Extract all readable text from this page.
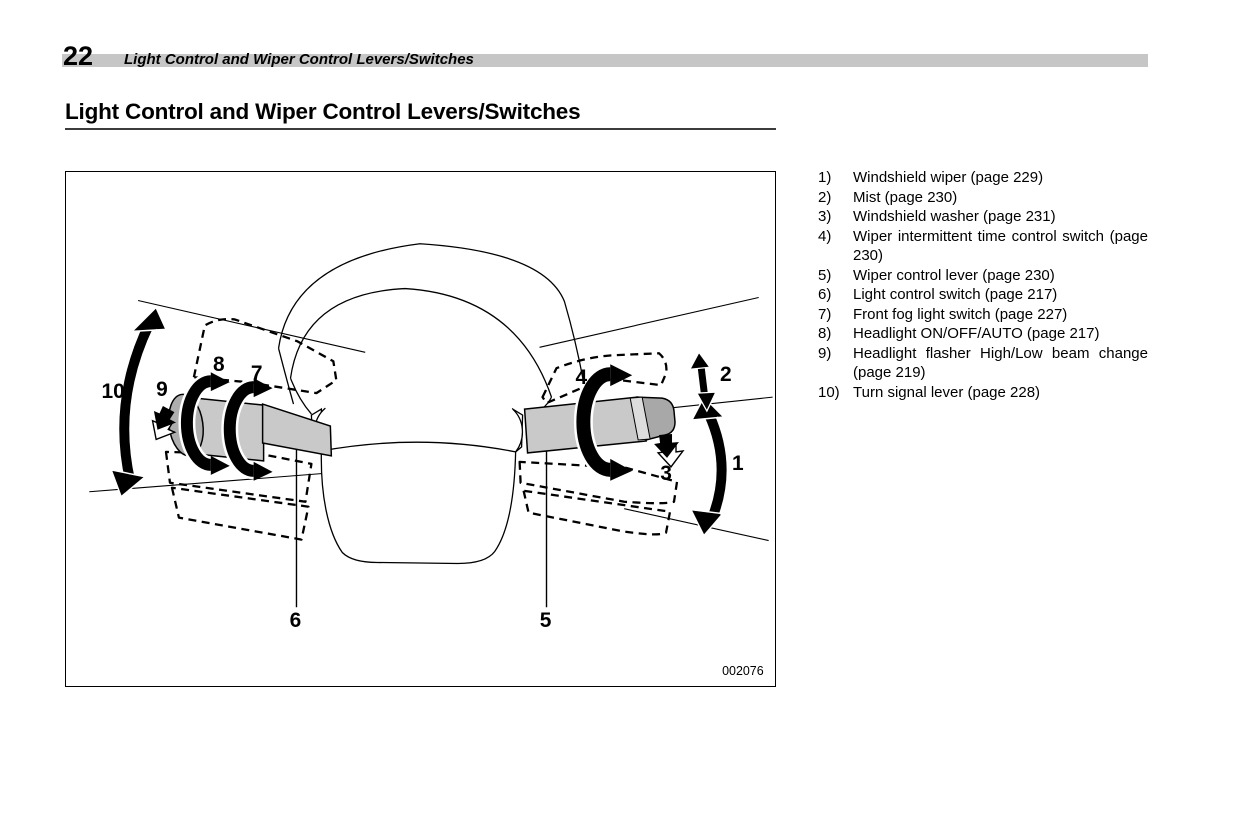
22 Light Control and Wiper Control Levers/Switches
Light Control and Wiper Control Levers/Switches
10 9
8 7
6	5
4
3
2
1
002076
1)	Windshield wiper (page 229)
2)	Mist (page 230)
3)	Windshield washer (page 231)
4)	Wiper intermittent time control switch (page 230)
5)	Wiper control lever (page 230)
6)	Light control switch (page 217)
7)	Front fog light switch (page 227)
8)	Headlight ON/OFF/AUTO (page 217)
9)	Headlight flasher High/Low beam change (page 219)
10) Turn signal lever (page 228)
